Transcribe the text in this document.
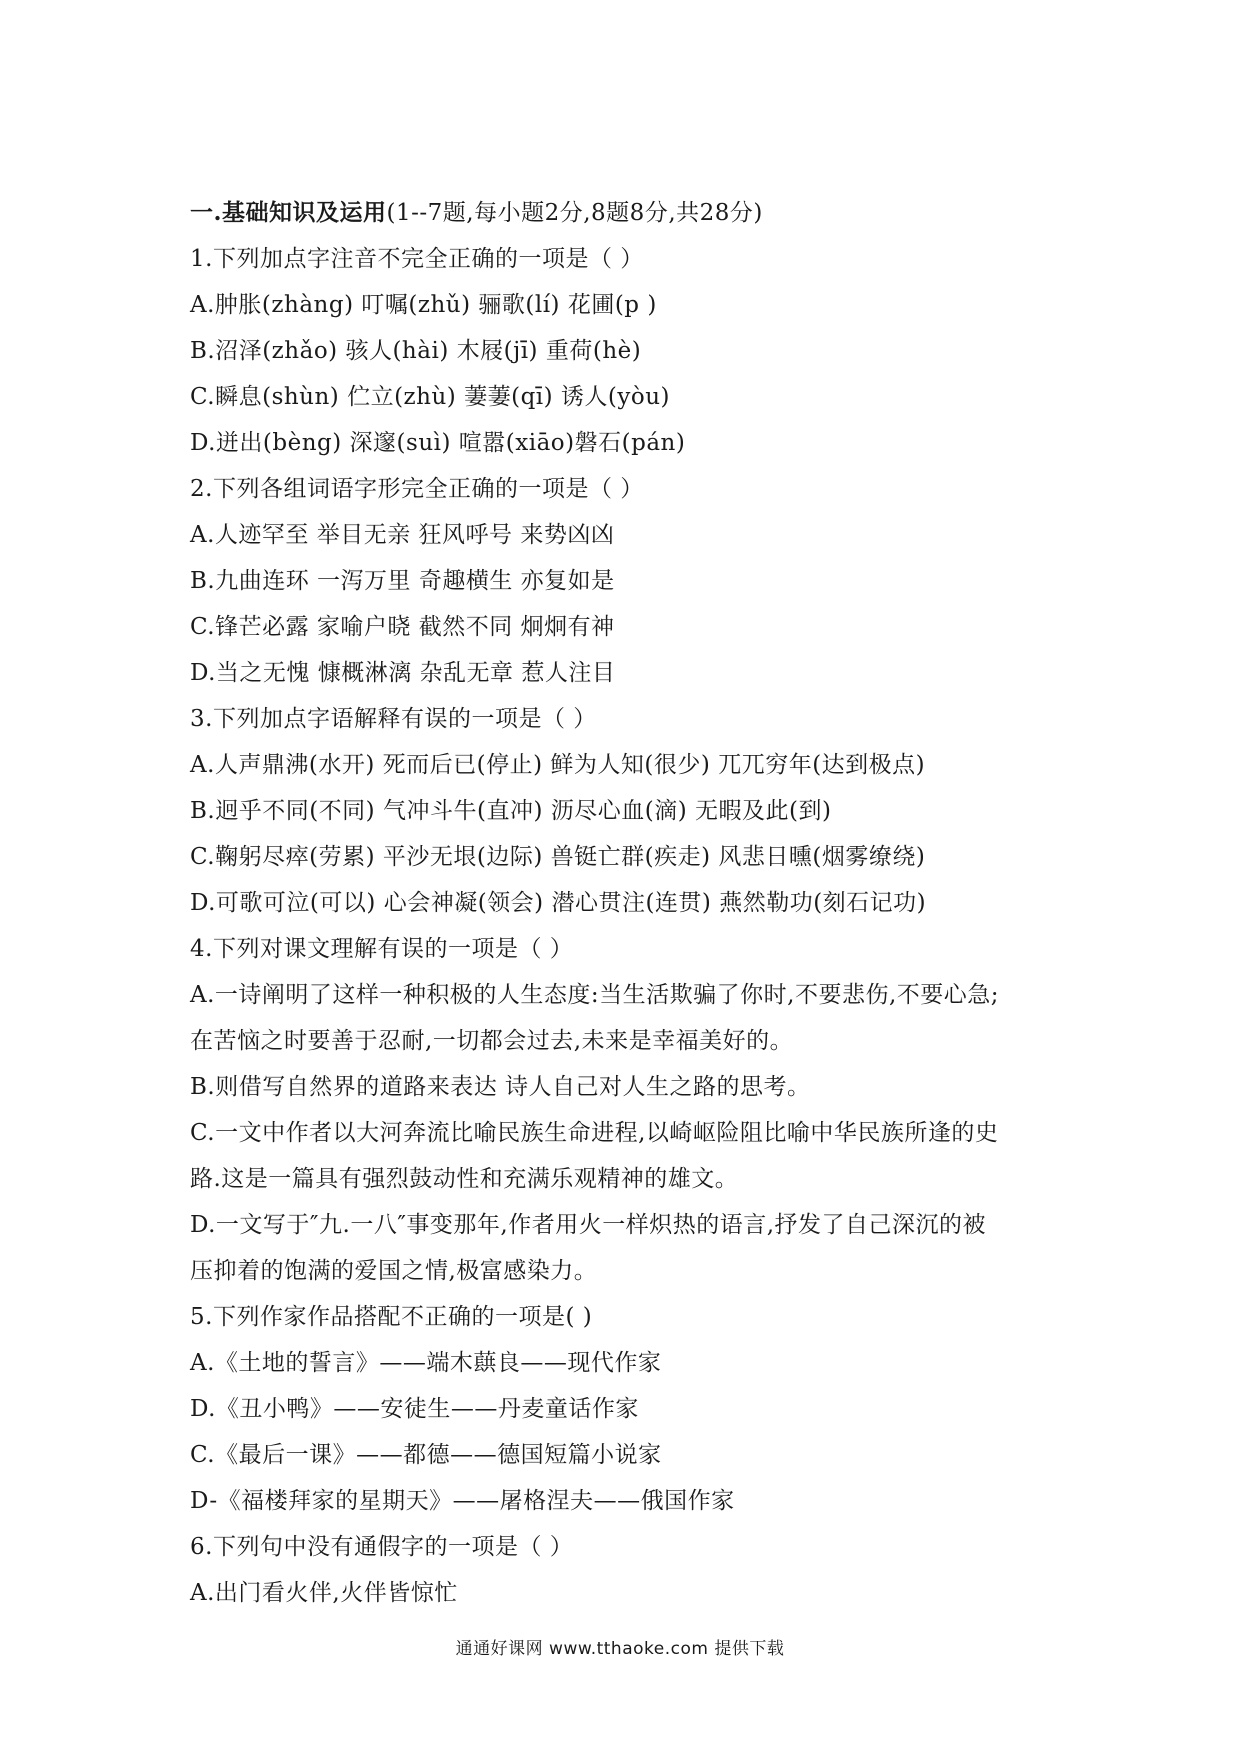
一.基础知识及运用(1--7题,每小题2分,8题8分,共28分)
1.下列加点字注音不完全正确的一项是（ ）
A.肿胀(zhàng) 叮嘱(zhǔ) 骊歌(lí) 花圃(p )
B.沼泽(zhǎo) 骇人(hài) 木屐(jī) 重荷(hè)
C.瞬息(shùn) 伫立(zhù) 萋萋(qī) 诱人(yòu)
D.迸出(bèng) 深邃(suì) 喧嚣(xiāo)磐石(pán)
2.下列各组词语字形完全正确的一项是（ ）
A.人迹罕至 举目无亲 狂风呼号 来势凶凶
B.九曲连环 一泻万里 奇趣横生 亦复如是
C.锋芒必露 家喻户晓 截然不同 炯炯有神
D.当之无愧 慷概淋漓 杂乱无章 惹人注目
3.下列加点字语解释有误的一项是（ ）
A.人声鼎沸(水开) 死而后已(停止) 鲜为人知(很少) 兀兀穷年(达到极点)
B.迥乎不同(不同) 气冲斗牛(直冲) 沥尽心血(滴) 无暇及此(到)
C.鞠躬尽瘁(劳累) 平沙无垠(边际) 兽铤亡群(疾走) 风悲日曛(烟雾缭绕)
D.可歌可泣(可以) 心会神凝(领会) 潜心贯注(连贯) 燕然勒功(刻石记功)
4.下列对课文理解有误的一项是（ ）
A.一诗阐明了这样一种积极的人生态度:当生活欺骗了你时,不要悲伤,不要心急;
在苦恼之时要善于忍耐,一切都会过去,未来是幸福美好的。
B.则借写自然界的道路来表达 诗人自己对人生之路的思考。
C.一文中作者以大河奔流比喻民族生命进程,以崎岖险阻比喻中华民族所逢的史
路.这是一篇具有强烈鼓动性和充满乐观精神的雄文。
D.一文写于″九.一八″事变那年,作者用火一样炽热的语言,抒发了自己深沉的被
压抑着的饱满的爱国之情,极富感染力。
5.下列作家作品搭配不正确的一项是( )
A.《土地的誓言》——端木蕻良——现代作家
D.《丑小鸭》——安徒生——丹麦童话作家
C.《最后一课》——都德——德国短篇小说家
D-《福楼拜家的星期天》——屠格涅夫——俄国作家
6.下列句中没有通假字的一项是（ ）
A.出门看火伴,火伴皆惊忙
通通好课网 www.tthaoke.com 提供下载
